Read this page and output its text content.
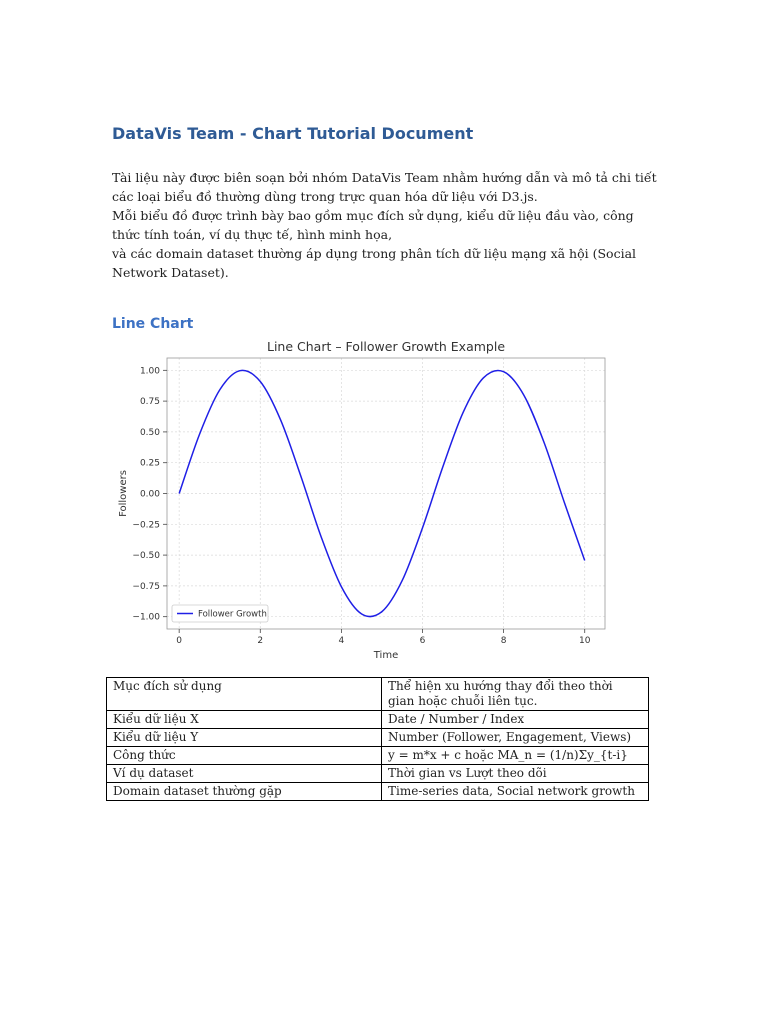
DataVis Team - Chart Tutorial Document

Tài liệu này được biên soạn bởi nhóm DataVis Team nhằm hướng dẫn và mô tả chi tiết các loại biểu đồ thường dùng trong trực quan hóa dữ liệu với D3.js.

Mỗi biểu đồ được trình bày bao gồm mục đích sử dụng, kiểu dữ liệu đầu vào, công thức tính toán, ví dụ thực tế, hình minh họa,

và các domain dataset thường áp dụng trong phân tích dữ liệu mạng xã hội (Social Network Dataset).

Line Chart
0	2	4	6	8	10
1.00
0.75
0.50
0.25
0.00
−0.25
−0.50
−0.75
−1.00
Line Chart – Follower Growth Example
Time
Followers
Follower Growth
Mục đích sử dụng	Thể hiện xu hướng thay đổi theo thời gian hoặc chuỗi liên tục.
Kiểu dữ liệu X	Date / Number / Index
Kiểu dữ liệu Y	Number (Follower, Engagement, Views)
Công thức	y = m*x + c hoặc MA_n = (1/n)Σy_{t-i}
Ví dụ dataset	Thời gian vs Lượt theo dõi
Domain dataset thường gặp	Time-series data, Social network growth
